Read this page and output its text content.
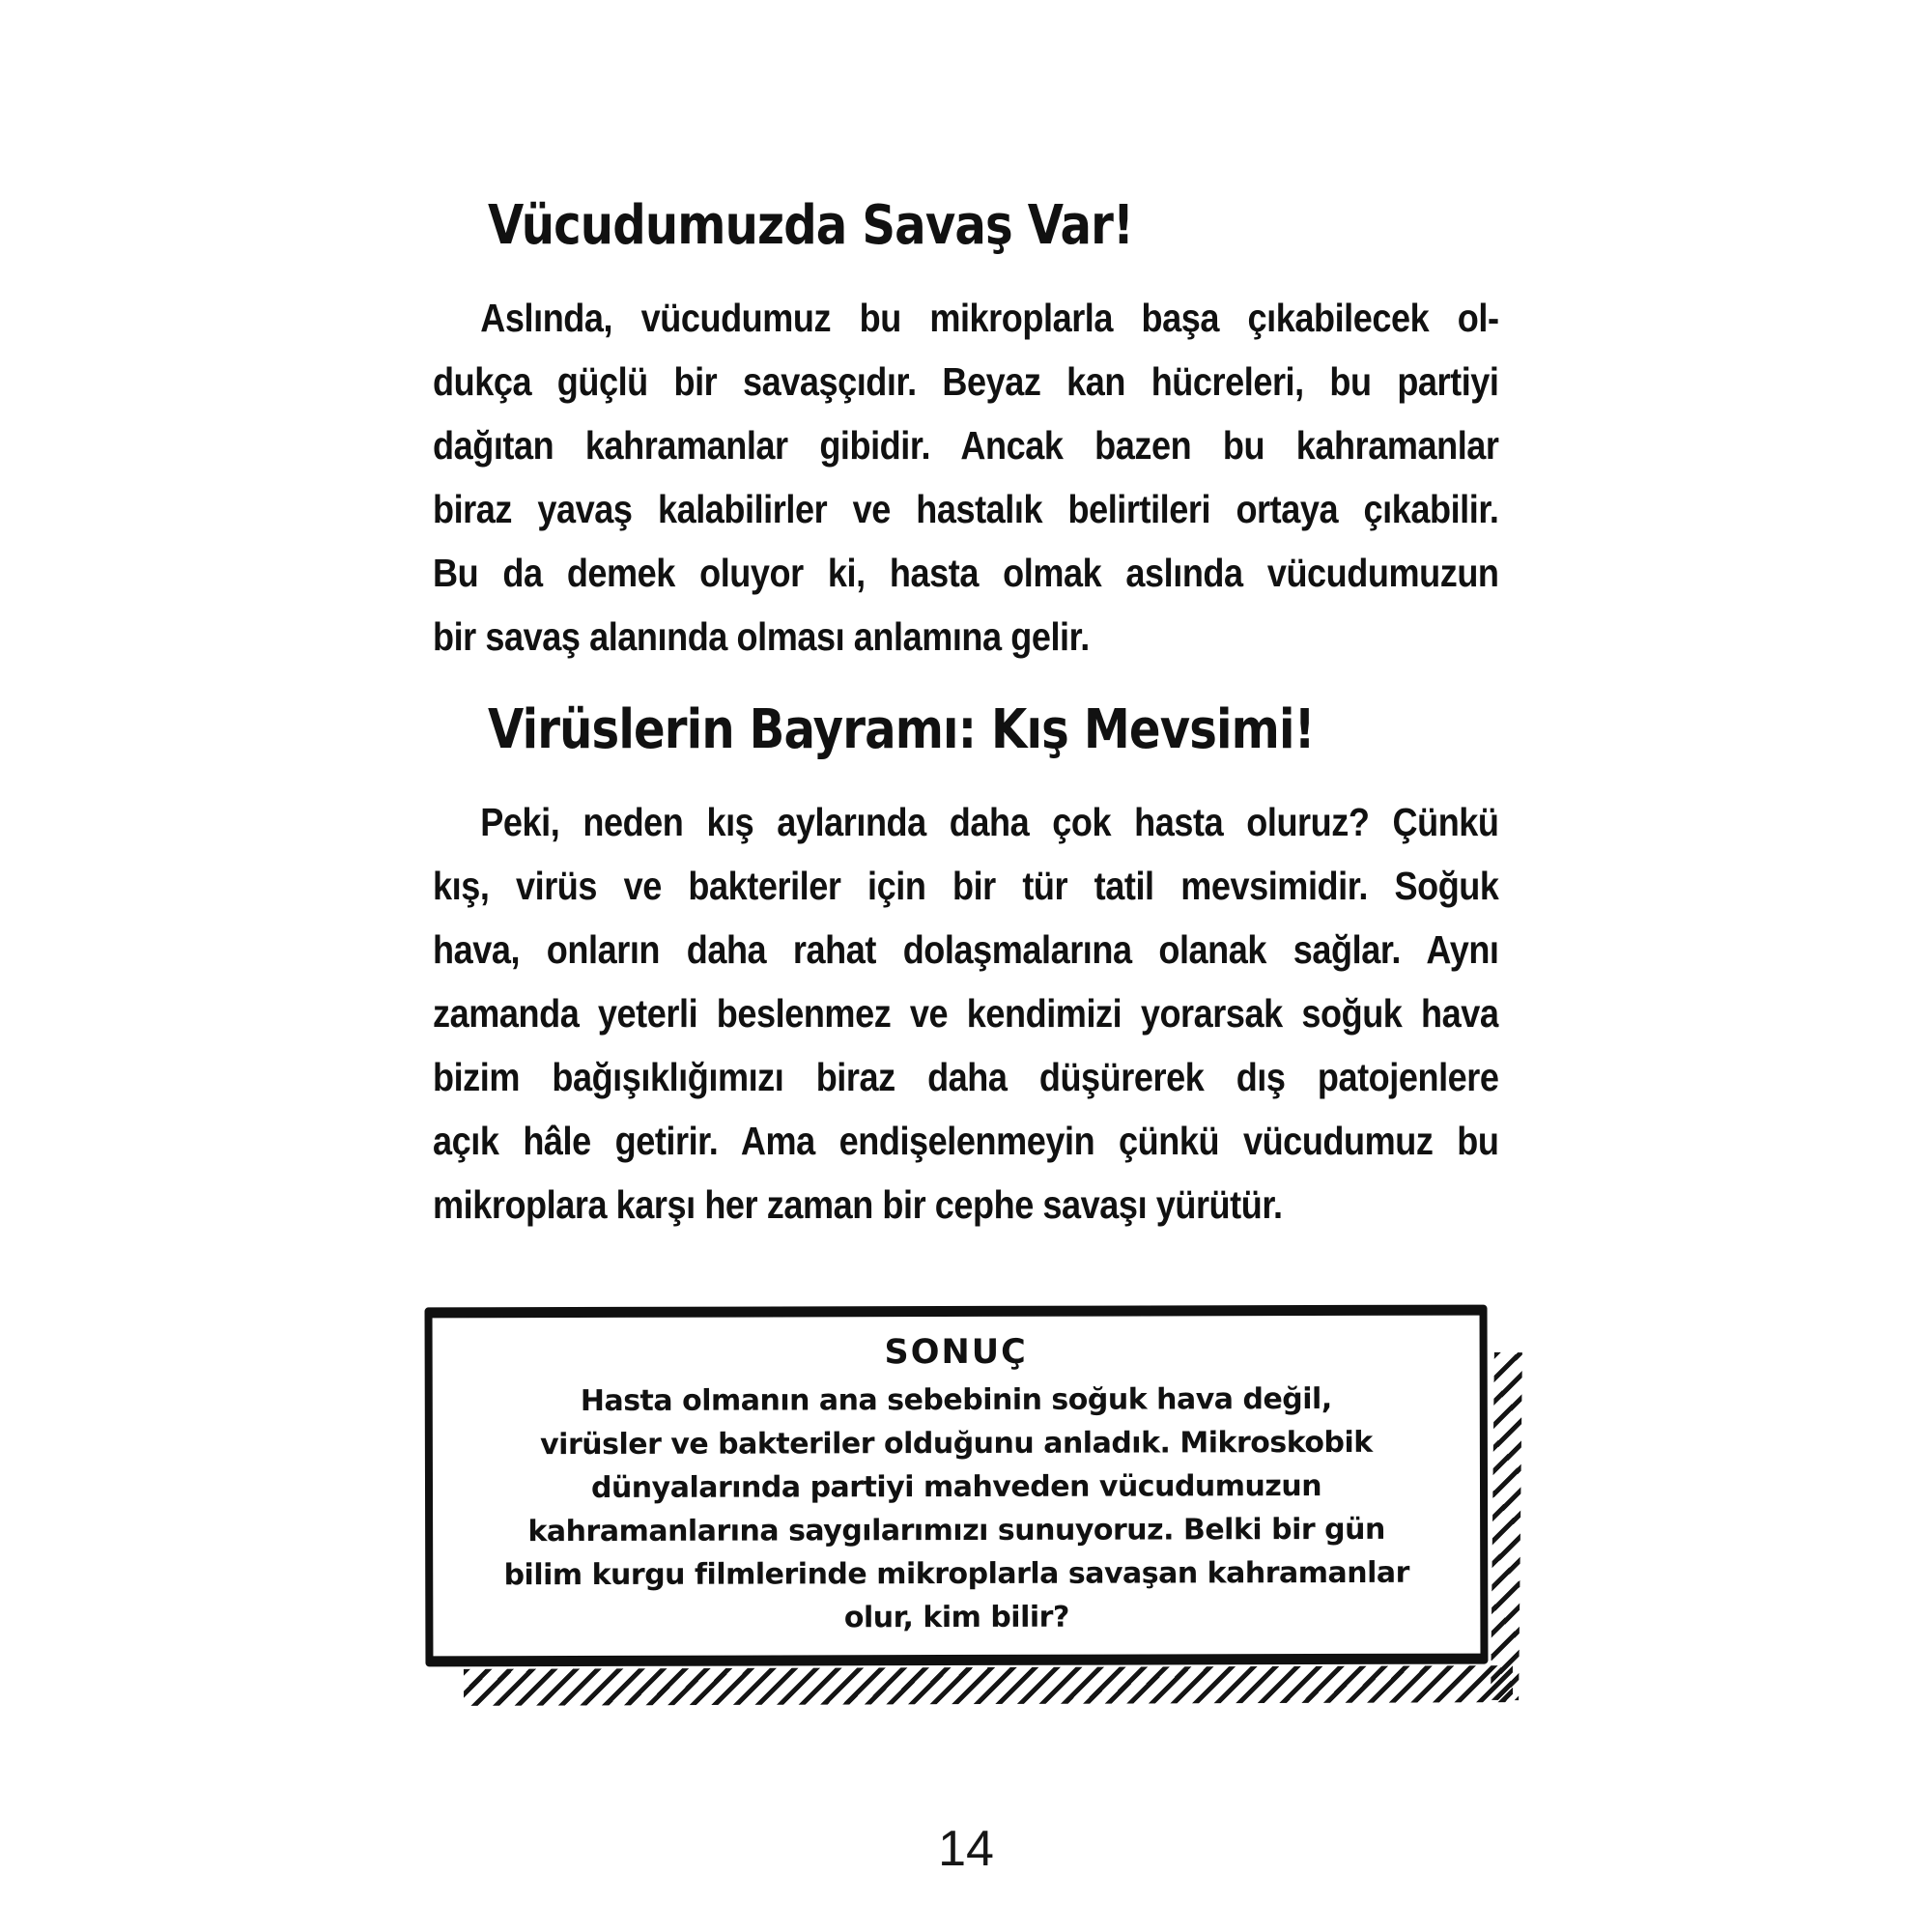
Vücudumuzda Savaş Var!
Aslında, vücudumuz bu mikroplarla başa çıkabilecek ol-
dukça güçlü bir savaşçıdır. Beyaz kan hücreleri, bu partiyi
dağıtan kahramanlar gibidir. Ancak bazen bu kahramanlar
biraz yavaş kalabilirler ve hastalık belirtileri ortaya çıkabilir.
Bu da demek oluyor ki, hasta olmak aslında vücudumuzun
bir savaş alanında olması anlamına gelir.
Virüslerin Bayramı: Kış Mevsimi!
Peki, neden kış aylarında daha çok hasta oluruz? Çünkü
kış, virüs ve bakteriler için bir tür tatil mevsimidir. Soğuk
hava, onların daha rahat dolaşmalarına olanak sağlar. Aynı
zamanda yeterli beslenmez ve kendimizi yorarsak soğuk hava
bizim bağışıklığımızı biraz daha düşürerek dış patojenlere
açık hâle getirir. Ama endişelenmeyin çünkü vücudumuz bu
mikroplara karşı her zaman bir cephe savaşı yürütür.
SONUÇ
Hasta olmanın ana sebebinin soğuk hava değil,
virüsler ve bakteriler olduğunu anladık. Mikroskobik
dünyalarında partiyi mahveden vücudumuzun
kahramanlarına saygılarımızı sunuyoruz. Belki bir gün
bilim kurgu filmlerinde mikroplarla savaşan kahramanlar
olur, kim bilir?
14
